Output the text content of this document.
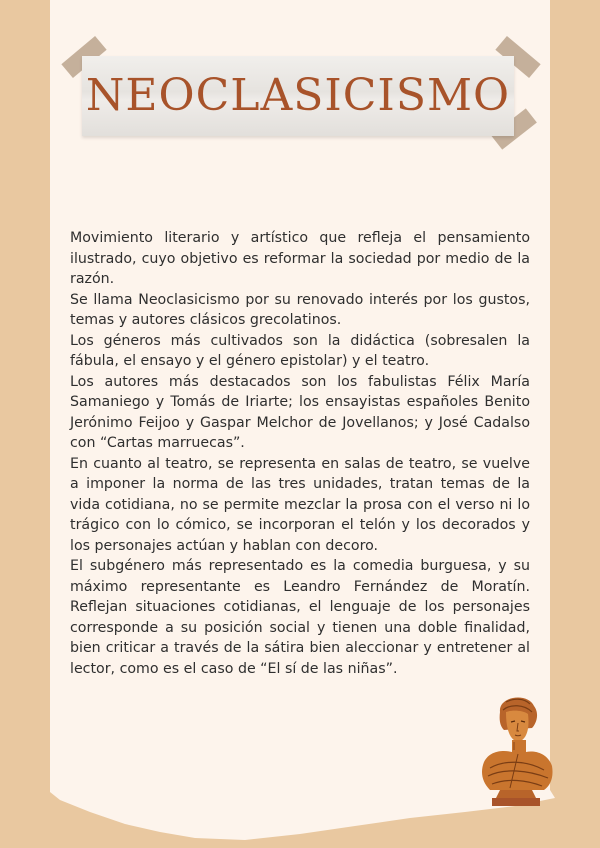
NEOCLASICISMO

Movimiento literario y artístico que refleja el pensamiento ilustrado, cuyo objetivo es reformar la sociedad por medio de la razón.

Se llama Neoclasicismo por su renovado interés por los gustos, temas y autores clásicos grecolatinos.

Los géneros más cultivados son la didáctica (sobresalen la fábula, el ensayo y el género epistolar) y el teatro.

Los autores más destacados son los fabulistas Félix María Samaniego y Tomás de Iriarte; los ensayistas españoles Benito Jerónimo Feijoo y Gaspar Melchor de Jovellanos; y José Cadalso con “Cartas marruecas”.

En cuanto al teatro, se representa en salas de teatro, se vuelve a imponer la norma de las tres unidades, tratan temas de la vida cotidiana, no se permite mezclar la prosa con el verso ni lo trágico con lo cómico, se incorporan el telón y los decorados y los personajes actúan y hablan con decoro.

El subgénero más representado es la comedia burguesa, y su máximo representante es Leandro Fernández de Moratín. Reflejan situaciones cotidianas, el lenguaje de los personajes corresponde a su posición social y tienen una doble finalidad, bien criticar a través de la sátira bien aleccionar y entretener al lector, como es el caso de “El sí de las niñas”.
